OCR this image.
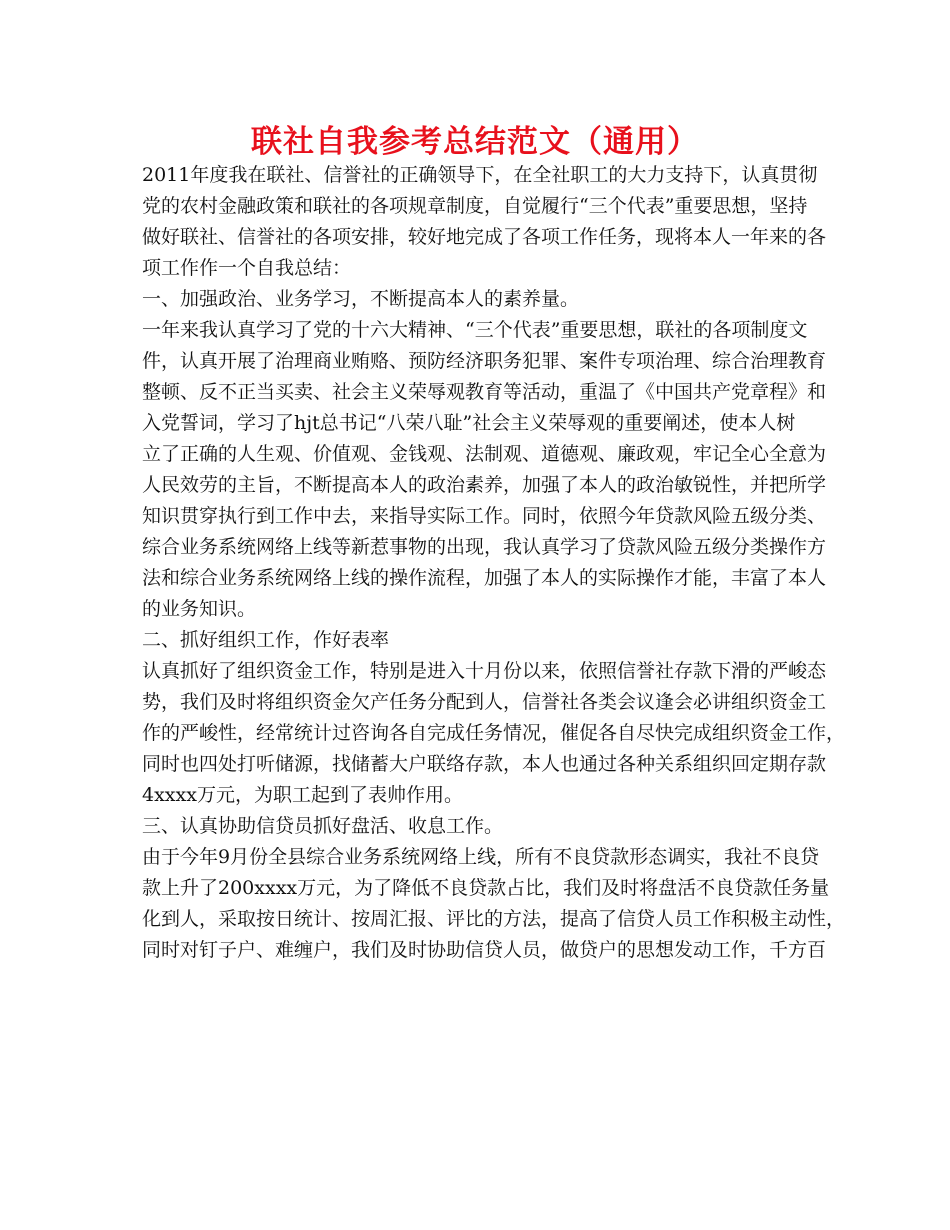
联社自我参考总结范文（通用）
2011年度我在联社、信誉社的正确领导下，在全社职工的大力支持下，认真贯彻
党的农村金融政策和联社的各项规章制度，自觉履行“三个代表”重要思想，坚持
做好联社、信誉社的各项安排，较好地完成了各项工作任务，现将本人一年来的各
项工作作一个自我总结：
一、加强政治、业务学习，不断提高本人的素养量。
一年来我认真学习了党的十六大精神、“三个代表”重要思想，联社的各项制度文
件，认真开展了治理商业贿赂、预防经济职务犯罪、案件专项治理、综合治理教育
整顿、反不正当买卖、社会主义荣辱观教育等活动，重温了《中国共产党章程》和
入党誓词，学习了hjt总书记“八荣八耻”社会主义荣辱观的重要阐述，使本人树
立了正确的人生观、价值观、金钱观、法制观、道德观、廉政观，牢记全心全意为
人民效劳的主旨，不断提高本人的政治素养，加强了本人的政治敏锐性，并把所学
知识贯穿执行到工作中去，来指导实际工作。同时，依照今年贷款风险五级分类、
综合业务系统网络上线等新惹事物的出现，我认真学习了贷款风险五级分类操作方
法和综合业务系统网络上线的操作流程，加强了本人的实际操作才能，丰富了本人
的业务知识。
二、抓好组织工作，作好表率
认真抓好了组织资金工作，特别是进入十月份以来，依照信誉社存款下滑的严峻态
势，我们及时将组织资金欠产任务分配到人，信誉社各类会议逢会必讲组织资金工
作的严峻性，经常统计过咨询各自完成任务情况，催促各自尽快完成组织资金工作，
同时也四处打听储源，找储蓄大户联络存款，本人也通过各种关系组织回定期存款
4xxxx万元，为职工起到了表帅作用。
三、认真协助信贷员抓好盘活、收息工作。
由于今年9月份全县综合业务系统网络上线，所有不良贷款形态调实，我社不良贷
款上升了200xxxx万元，为了降低不良贷款占比，我们及时将盘活不良贷款任务量
化到人，采取按日统计、按周汇报、评比的方法，提高了信贷人员工作积极主动性，
同时对钉子户、难缠户，我们及时协助信贷人员，做贷户的思想发动工作，千方百
